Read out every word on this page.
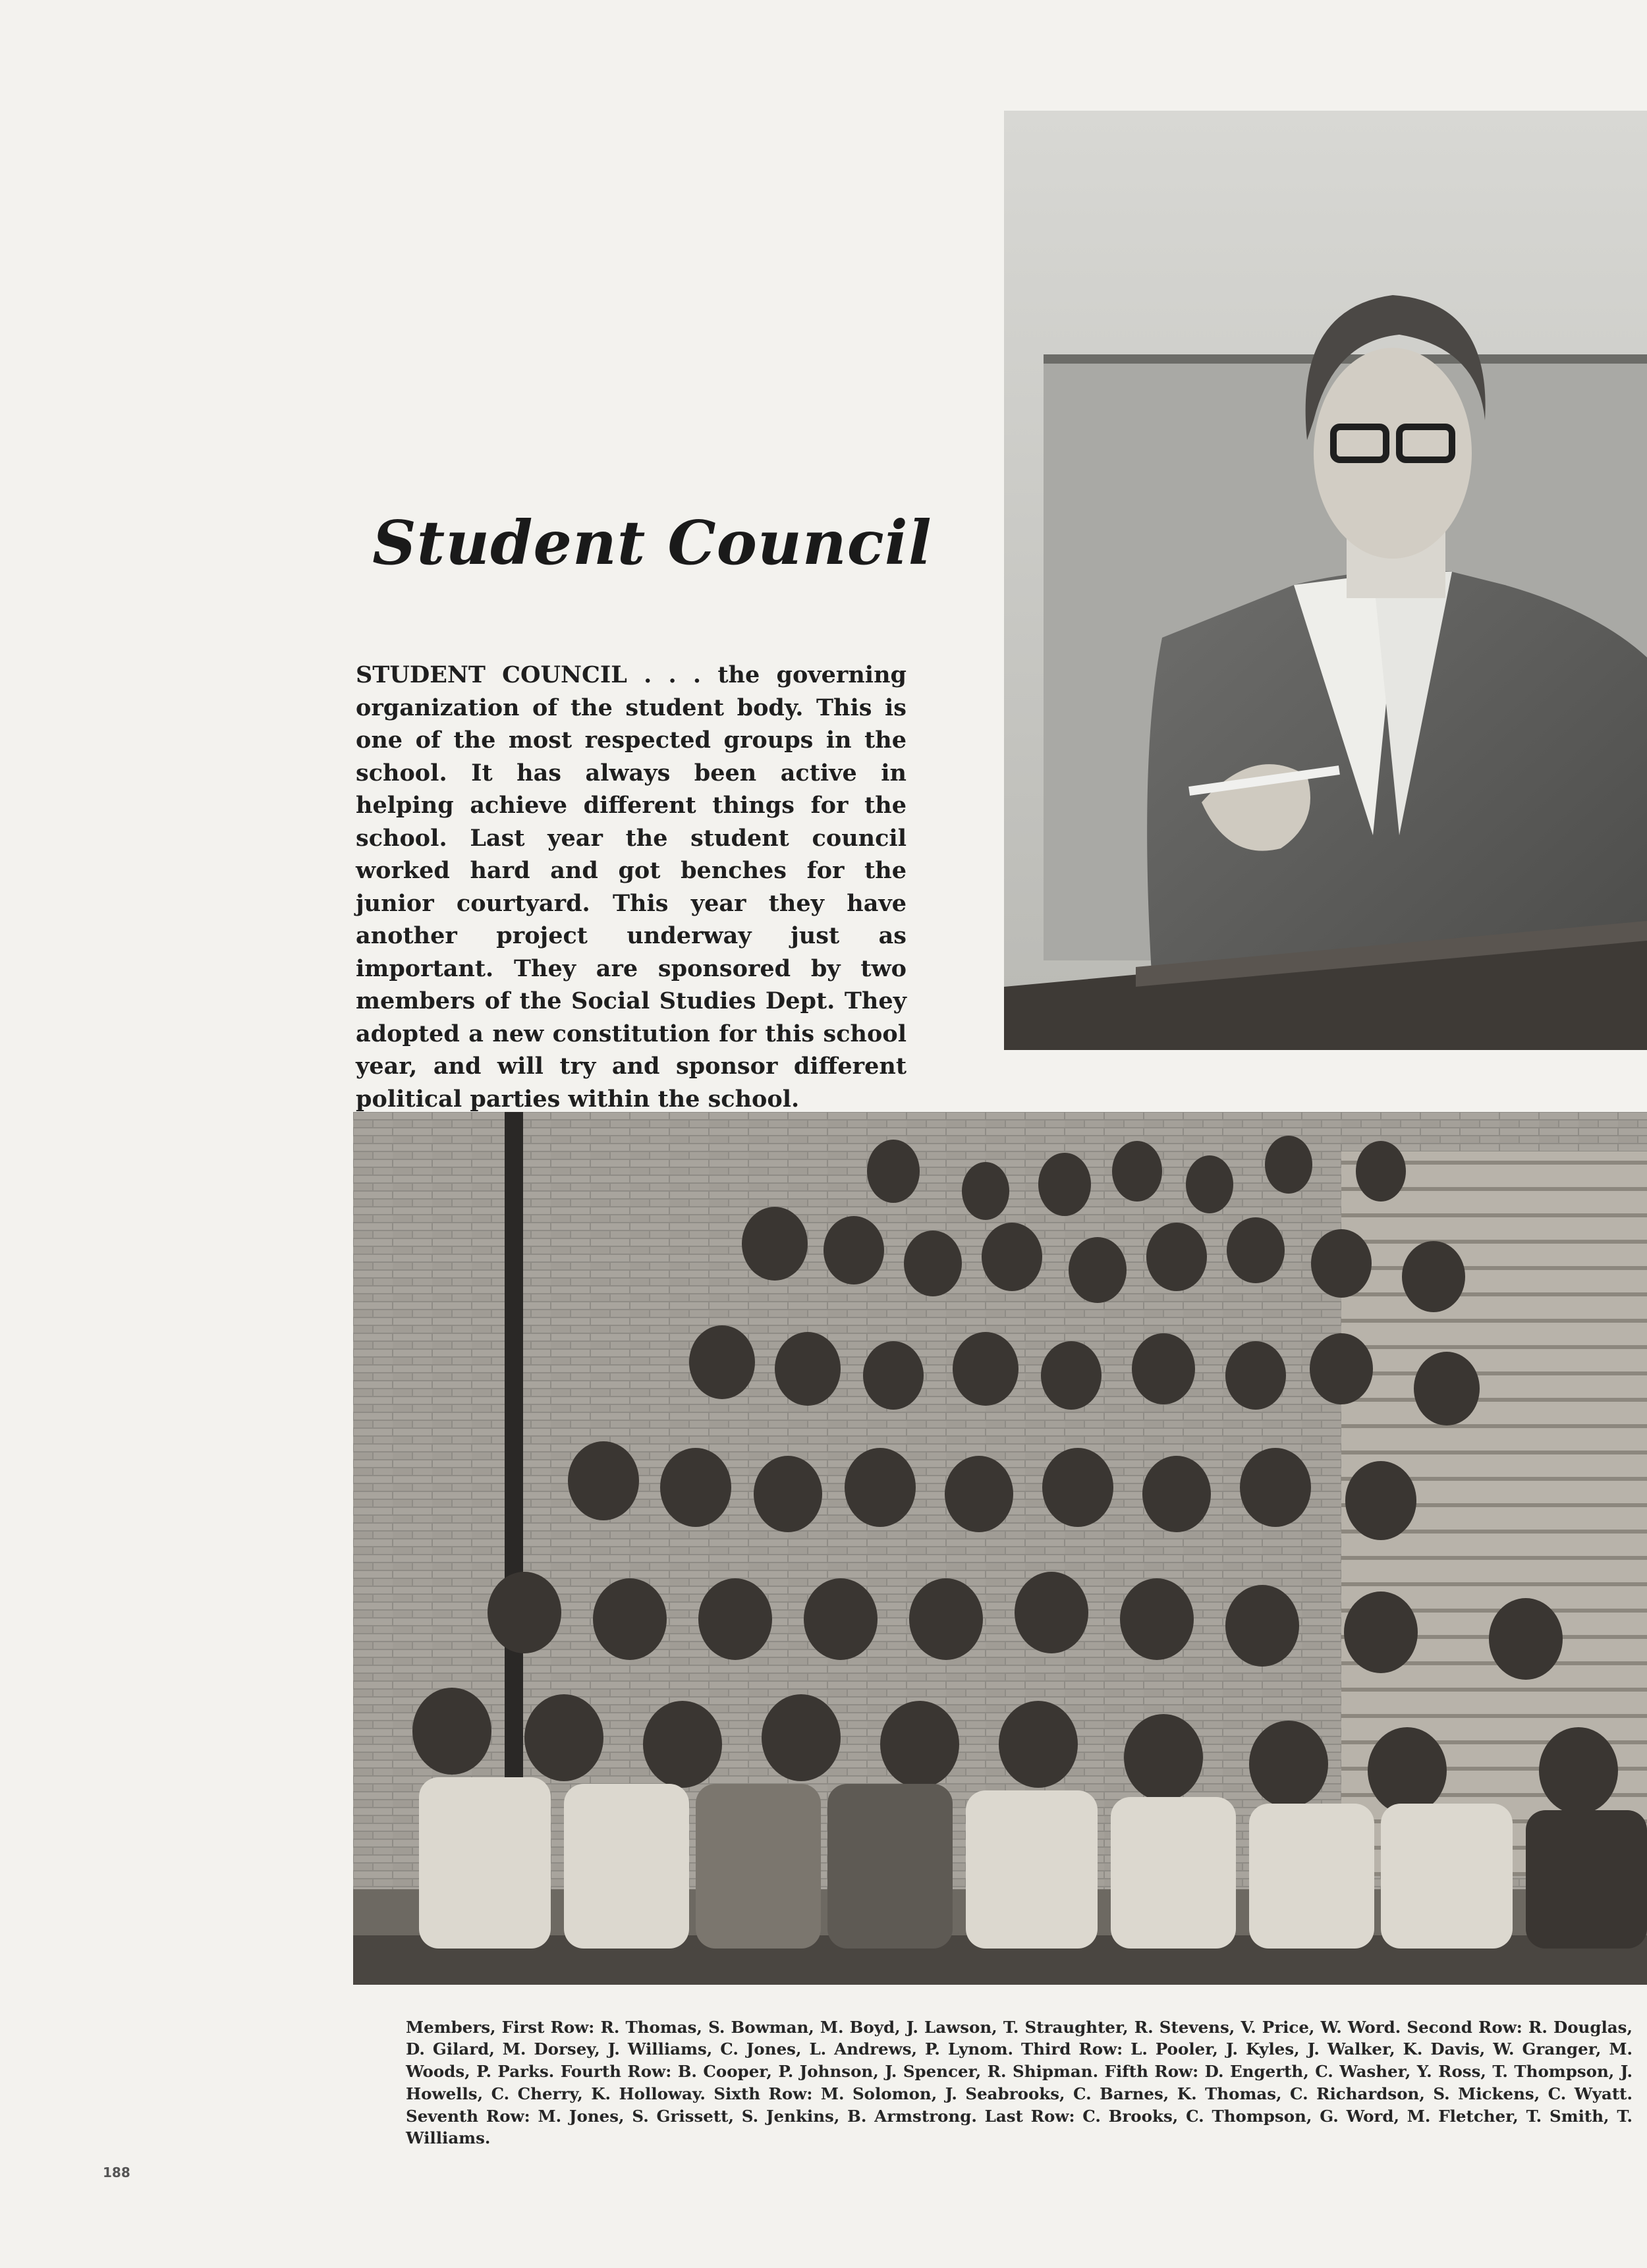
Student Council

STUDENT COUNCIL . . . the governing organization of the student body. This is one of the most respected groups in the school. It has always been active in helping achieve different things for the school. Last year the student council worked hard and got benches for the junior courtyard. This year they have another project underway just as important. They are sponsored by two members of the Social Studies Dept. They adopted a new constitution for this school year, and will try and sponsor different political parties within the school.

Members, First Row: R. Thomas, S. Bowman, M. Boyd, J. Lawson, T. Straughter, R. Stevens, V. Price, W. Word. Second Row: R. Douglas, D. Gilard, M. Dorsey, J. Williams, C. Jones, L. Andrews, P. Lynom. Third Row: L. Pooler, J. Kyles, J. Walker, K. Davis, W. Granger, M. Woods, P. Parks. Fourth Row: B. Cooper, P. Johnson, J. Spencer, R. Shipman. Fifth Row: D. Engerth, C. Washer, Y. Ross, T. Thompson, J. Howells, C. Cherry, K. Holloway. Sixth Row: M. Solomon, J. Seabrooks, C. Barnes, K. Thomas, C. Richardson, S. Mickens, C. Wyatt. Seventh Row: M. Jones, S. Grissett, S. Jenkins, B. Armstrong. Last Row: C. Brooks, C. Thompson, G. Word, M. Fletcher, T. Smith, T. Williams.

188
